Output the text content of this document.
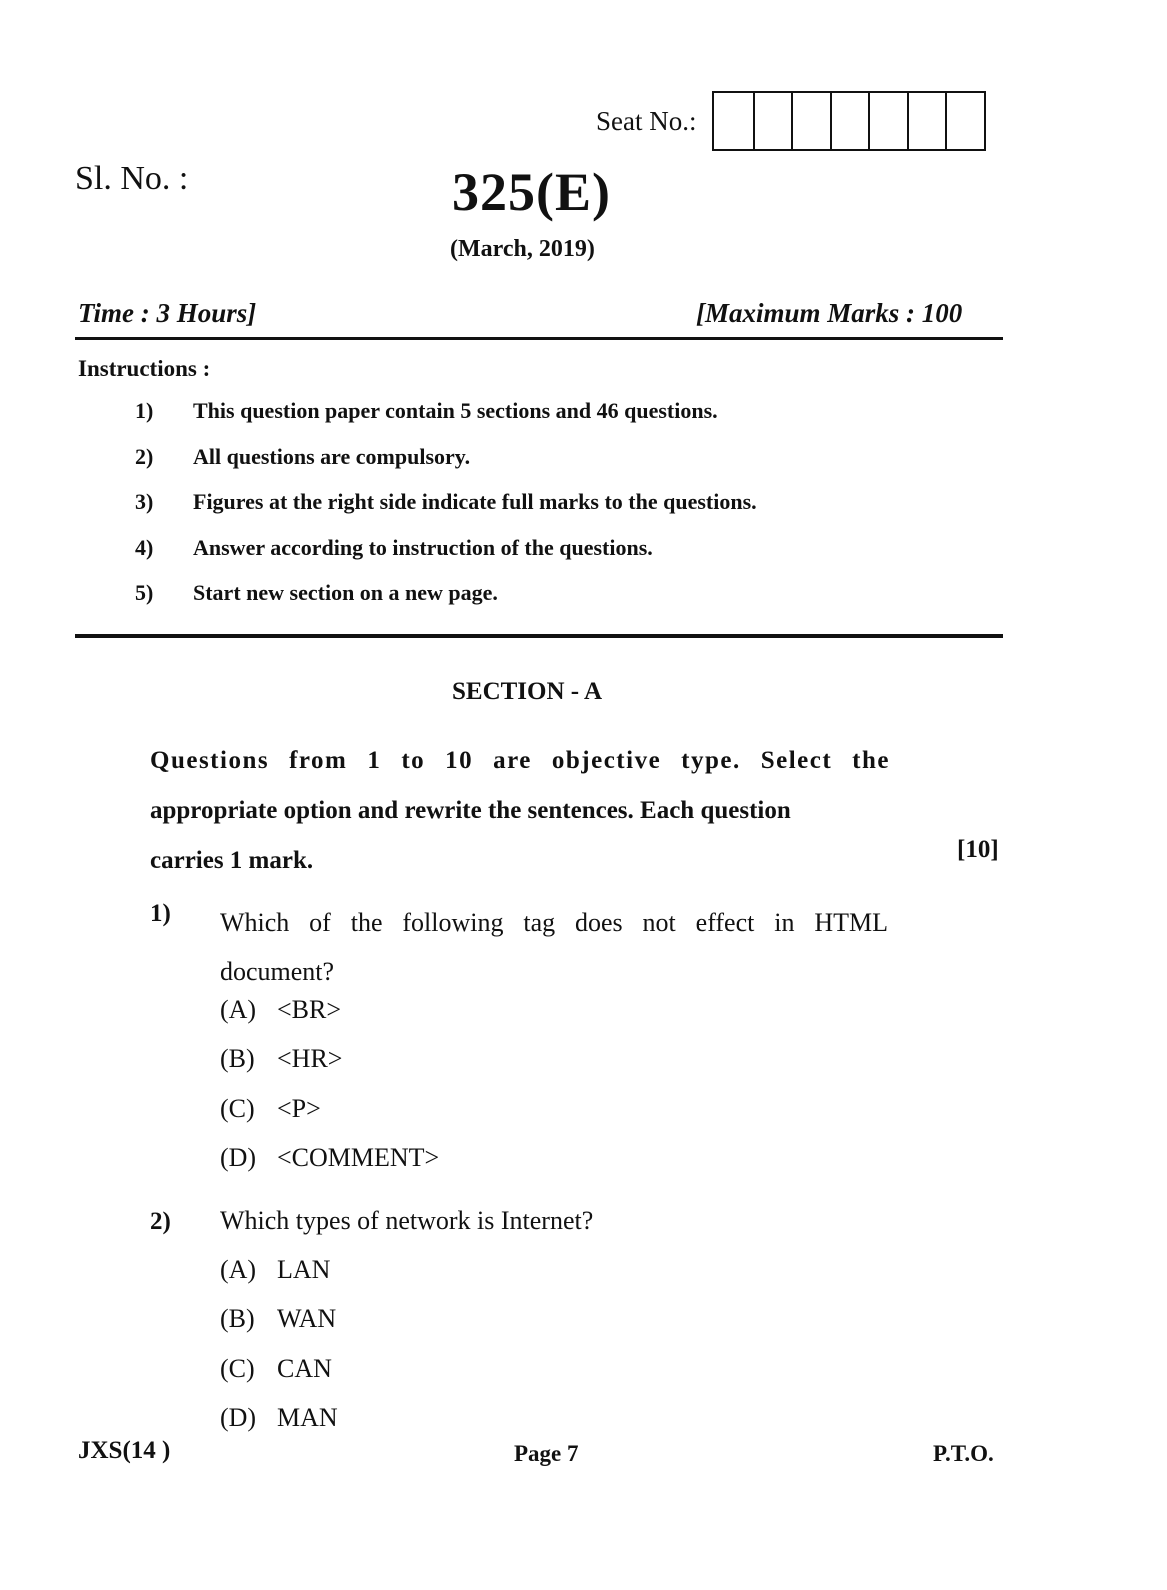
Seat No.:
Sl. No. :	325(E)
(March, 2019)
Time : 3 Hours]	[Maximum Marks : 100
Instructions :
1)	This question paper contain 5 sections and 46 questions.
2)	All questions are compulsory.
3)	Figures at the right side indicate full marks to the questions.
4)	Answer according to instruction of the questions.
5)	Start new section on a new page.
SECTION - A
Questions from 1 to 10 are objective type. Select the
appropriate option and rewrite the sentences. Each question
carries 1 mark.	[10]
1) Which of the following tag does not effect in HTML
document?
(A) <BR>
(B) <HR>
(C) <P>
(D) <COMMENT>
2) Which types of network is Internet?
(A) LAN
(B) WAN
(C) CAN
(D) MAN
JXS(14 )	Page 7	P.T.O.
